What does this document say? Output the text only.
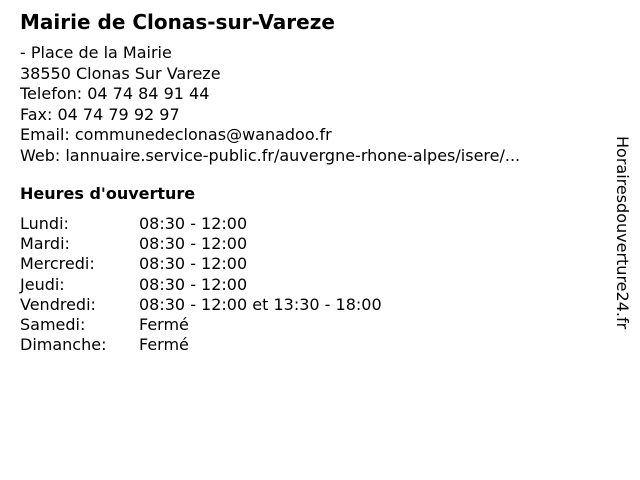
Mairie de Clonas-sur-Vareze
- Place de la Mairie
38550 Clonas Sur Vareze
Telefon: 04 74 84 91 44
Fax: 04 74 79 92 97
Email: communedeclonas@wanadoo.fr
Web: lannuaire.service-public.fr/auvergne-rhone-alpes/isere/...
Heures d'ouverture
Lundi:	08:30 - 12:00
Mardi:	08:30 - 12:00
Mercredi:	08:30 - 12:00
Jeudi:	08:30 - 12:00
Vendredi:	08:30 - 12:00 et 13:30 - 18:00
Samedi:	Fermé
Dimanche:	Fermé
Horairesdouverture24.fr
